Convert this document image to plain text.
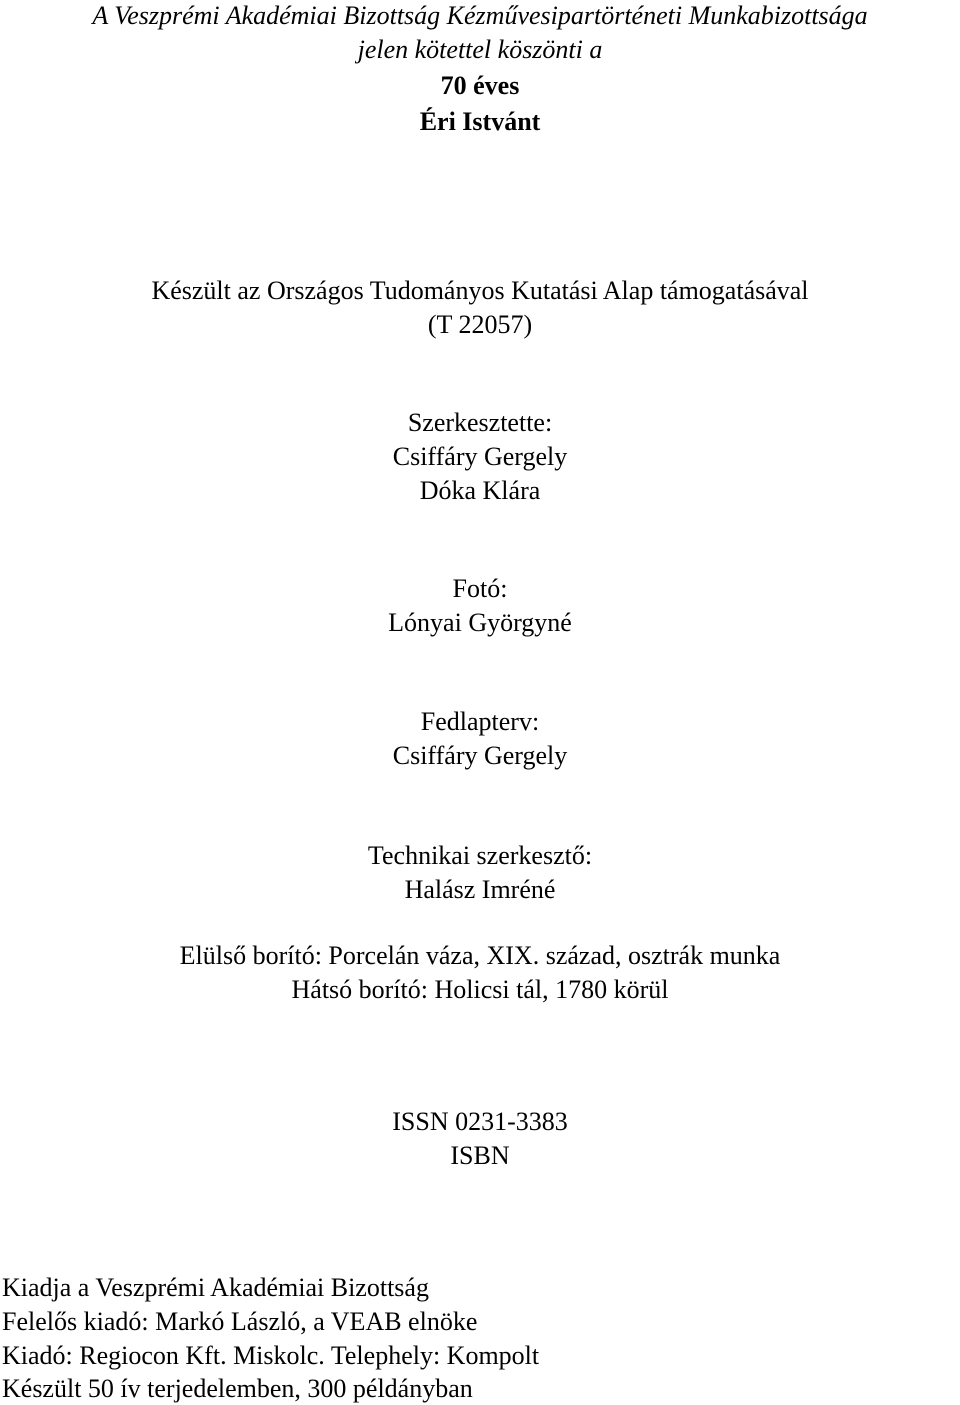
A Veszprémi Akadémiai Bizottság Kézművesipartörténeti Munkabizottsága
jelen kötettel köszönti a
70 éves
Éri Istvánt
Készült az Országos Tudományos Kutatási Alap támogatásával
(T 22057)
Szerkesztette:
Csiffáry Gergely
Dóka Klára
Fotó:
Lónyai Györgyné
Fedlapterv:
Csiffáry Gergely
Technikai szerkesztő:
Halász Imréné
Elülső borító: Porcelán váza, XIX. század, osztrák munka
Hátsó borító: Holicsi tál, 1780 körül
ISSN 0231-3383
ISBN
Kiadja a Veszprémi Akadémiai Bizottság
Felelős kiadó: Markó László, a VEAB elnöke
Kiadó: Regiocon Kft. Miskolc. Telephely: Kompolt
Készült 50 ív terjedelemben, 300 példányban
